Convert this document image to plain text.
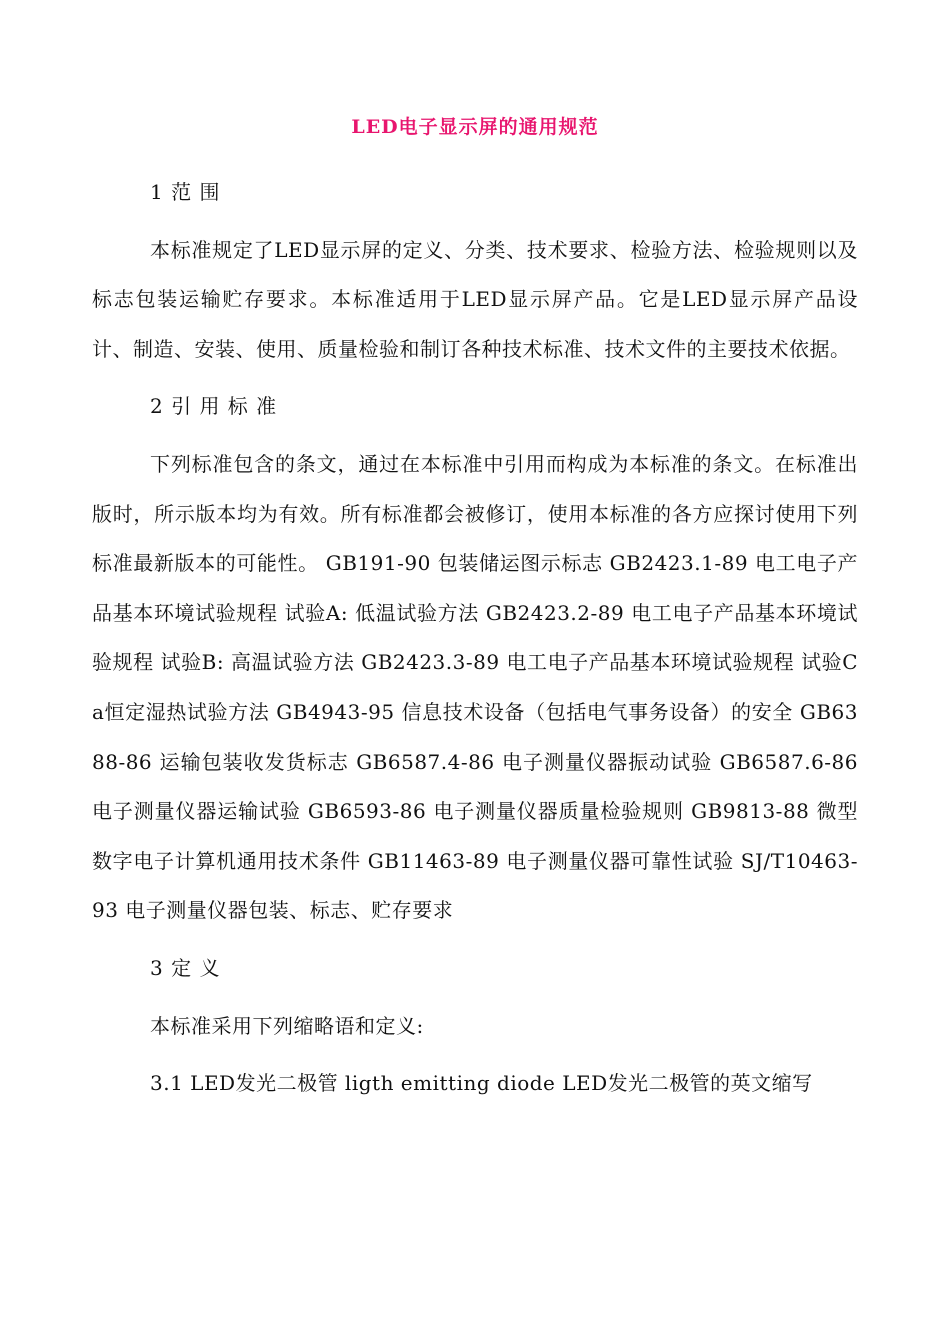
LED电子显示屏的通用规范

1 范 围

本标准规定了LED显示屏的定义、分类、技术要求、检验方法、检验规则以及标志包装运输贮存要求。本标准适用于LED显示屏产品。它是LED显示屏产品设计、制造、安装、使用、质量检验和制订各种技术标准、技术文件的主要技术依据。

2 引 用 标 准

下列标准包含的条文，通过在本标准中引用而构成为本标准的条文。在标准出版时，所示版本均为有效。所有标准都会被修订，使用本标准的各方应探讨使用下列标准最新版本的可能性。 GB191-90 包装储运图示标志 GB2423.1-89 电工电子产品基本环境试验规程 试验A: 低温试验方法 GB2423.2-89 电工电子产品基本环境试验规程 试验B: 高温试验方法 GB2423.3-89 电工电子产品基本环境试验规程 试验Ca恒定湿热试验方法 GB4943-95 信息技术设备（包括电气事务设备）的安全 GB6388-86 运输包装收发货标志 GB6587.4-86 电子测量仪器振动试验 GB6587.6-86 电子测量仪器运输试验 GB6593-86 电子测量仪器质量检验规则 GB9813-88 微型数字电子计算机通用技术条件 GB11463-89 电子测量仪器可靠性试验 SJ/T10463-93 电子测量仪器包装、标志、贮存要求

3 定 义

本标准采用下列缩略语和定义:

3.1 LED发光二极管 ligth emitting diode LED发光二极管的英文缩写
